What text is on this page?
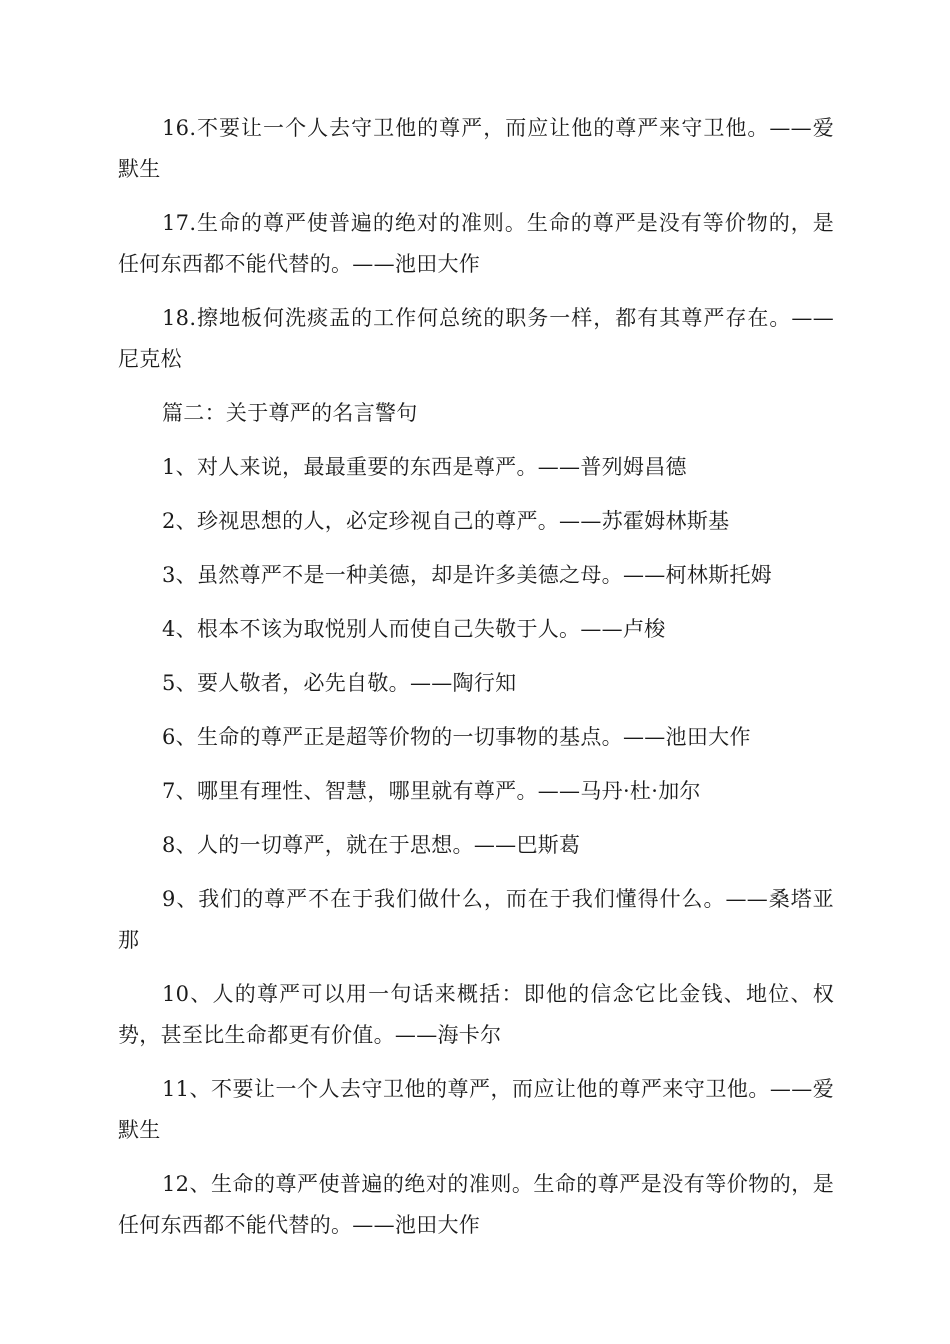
16.不要让一个人去守卫他的尊严，而应让他的尊严来守卫他。——爱默生

17.生命的尊严使普遍的绝对的准则。生命的尊严是没有等价物的，是任何东西都不能代替的。——池田大作

18.擦地板何洗痰盂的工作何总统的职务一样，都有其尊严存在。——尼克松

篇二：关于尊严的名言警句

1、对人来说，最最重要的东西是尊严。——普列姆昌德

2、珍视思想的人，必定珍视自己的尊严。——苏霍姆林斯基

3、虽然尊严不是一种美德，却是许多美德之母。——柯林斯托姆

4、根本不该为取悦别人而使自己失敬于人。——卢梭

5、要人敬者，必先自敬。——陶行知

6、生命的尊严正是超等价物的一切事物的基点。——池田大作

7、哪里有理性、智慧，哪里就有尊严。——马丹·杜·加尔

8、人的一切尊严，就在于思想。——巴斯葛

9、我们的尊严不在于我们做什么，而在于我们懂得什么。——桑塔亚那

10、人的尊严可以用一句话来概括：即他的信念它比金钱、地位、权势，甚至比生命都更有价值。——海卡尔

11、不要让一个人去守卫他的尊严，而应让他的尊严来守卫他。——爱默生

12、生命的尊严使普遍的绝对的准则。生命的尊严是没有等价物的，是任何东西都不能代替的。——池田大作
